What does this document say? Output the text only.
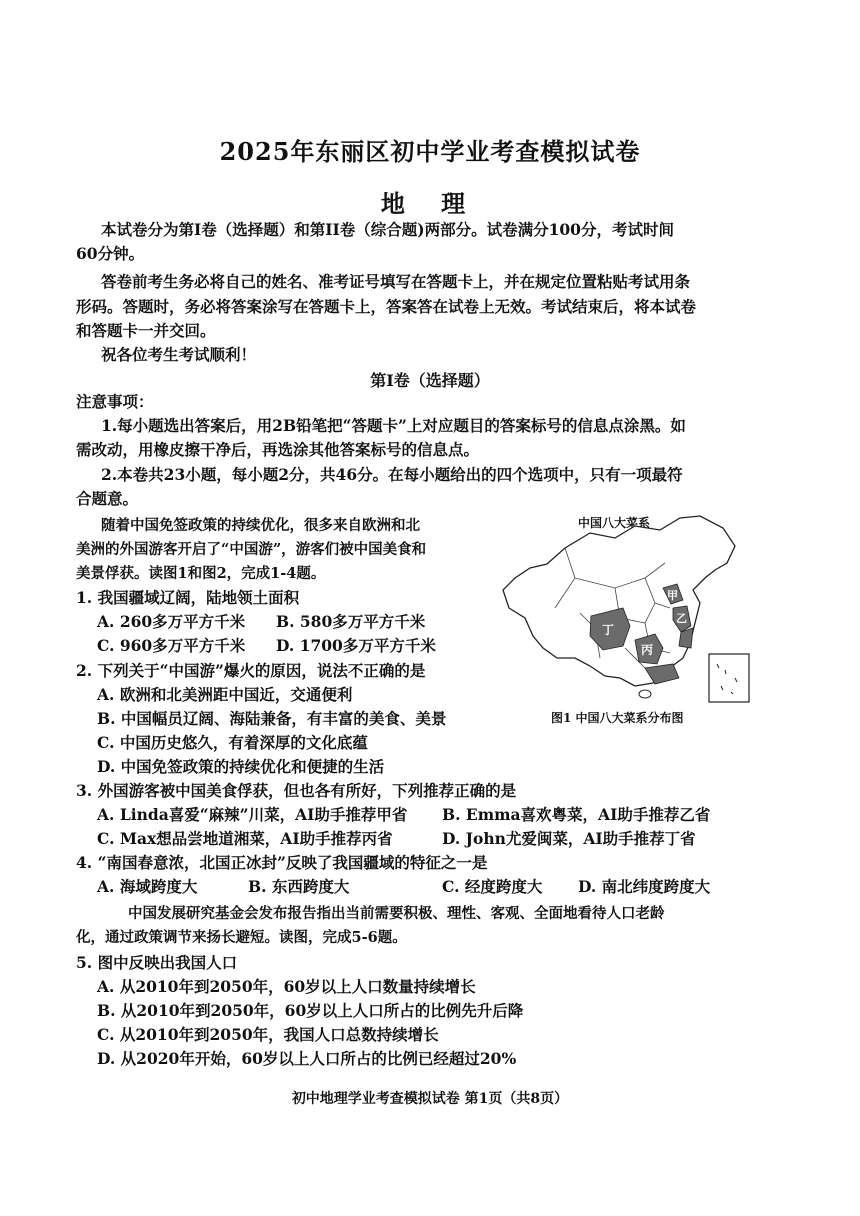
2025年东丽区初中学业考查模拟试卷
地 理
本试卷分为第I卷（选择题）和第II卷（综合题)两部分。试卷满分100分，考试时间
60分钟。
答卷前考生务必将自己的姓名、准考证号填写在答题卡上，并在规定位置粘贴考试用条
形码。答题时，务必将答案涂写在答题卡上，答案答在试卷上无效。考试结束后，将本试卷
和答题卡一并交回。
祝各位考生考试顺利！
第I卷（选择题）
注意事项：
1.每小题选出答案后，用2B铅笔把“答题卡”上对应题目的答案标号的信息点涂黑。如
需改动，用橡皮擦干净后，再选涂其他答案标号的信息点。
2.本卷共23小题，每小题2分，共46分。在每小题给出的四个选项中，只有一项最符
合题意。
随着中国免签政策的持续优化，很多来自欧洲和北
美洲的外国游客开启了“中国游”，游客们被中国美食和
美景俘获。读图1和图2，完成1-4题。
1. 我国疆域辽阔，陆地领土面积
A. 260多万平方千米	B. 580多万平方千米
C. 960多万平方千米	D. 1700多万平方千米
2. 下列关于“中国游”爆火的原因，说法不正确的是
A. 欧洲和北美洲距中国近，交通便利
B. 中国幅员辽阔、海陆兼备，有丰富的美食、美景
C. 中国历史悠久，有着深厚的文化底蕴
D. 中国免签政策的持续优化和便捷的生活
3. 外国游客被中国美食俘获，但也各有所好，下列推荐正确的是
A. Linda喜爱“麻辣”川菜，AI助手推荐甲省	B. Emma喜欢粤菜，AI助手推荐乙省
C. Max想品尝地道湘菜，AI助手推荐丙省	D. John尤爱闽菜，AI助手推荐丁省
4. “南国春意浓，北国正冰封”反映了我国疆域的特征之一是
A. 海域跨度大	B. 东西跨度大	C. 经度跨度大	D. 南北纬度跨度大
中国发展研究基金会发布报告指出当前需要积极、理性、客观、全面地看待人口老龄
化，通过政策调节来扬长避短。读图，完成5-6题。
5. 图中反映出我国人口
A. 从2010年到2050年，60岁以上人口数量持续增长
B. 从2010年到2050年，60岁以上人口所占的比例先升后降
C. 从2010年到2050年，我国人口总数持续增长
D. 从2020年开始，60岁以上人口所占的比例已经超过20%
中国八大菜系
丁
丙
甲
乙
图1 中国八大菜系分布图
初中地理学业考查模拟试卷 第1页（共8页）
